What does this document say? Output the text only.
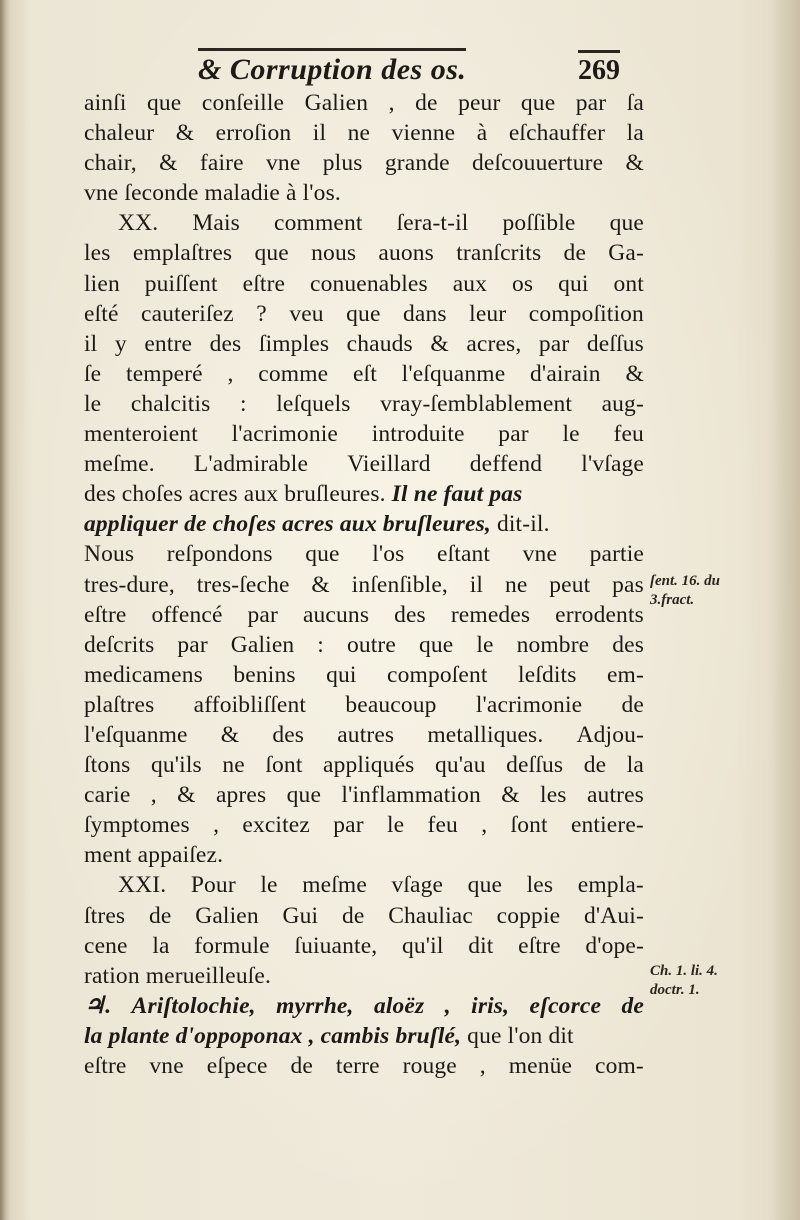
& Corruption des os.	269
ainſi que conſeille Galien , de peur que par ſa
chaleur & erroſion il ne vienne à eſchauffer la
chair, & faire vne plus grande deſcouuerture &
vne ſeconde maladie à l'os.
XX. Mais comment ſera-t-il poſſible que
les emplaſtres que nous auons tranſcrits de Ga-
lien puiſſent eſtre conuenables aux os qui ont
eſté cauteriſez ? veu que dans leur compoſition
il y entre des ſimples chauds & acres, par deſſus
ſe temperé , comme eſt l'eſquanme d'airain &
le chalcitis : leſquels vray-ſemblablement aug-
menteroient l'acrimonie introduite par le feu
meſme. L'admirable Vieillard deffend l'vſage
des choſes acres aux bruſleures. Il ne faut pas
appliquer de choſes acres aux bruſleures, dit-il.
Nous reſpondons que l'os eſtant vne partie
tres-dure, tres-ſeche & inſenſible, il ne peut pas
eſtre offencé par aucuns des remedes errodents
deſcrits par Galien : outre que le nombre des
medicamens benins qui compoſent leſdits em-
plaſtres affoibliſſent beaucoup l'acrimonie de
l'eſquanme & des autres metalliques. Adjou-
ſtons qu'ils ne ſont appliqués qu'au deſſus de la
carie , & apres que l'inflammation & les autres
ſymptomes , excitez par le feu , ſont entiere-
ment appaiſez.
XXI. Pour le meſme vſage que les empla-
ſtres de Galien Gui de Chauliac coppie d'Aui-
cene la formule ſuiuante, qu'il dit eſtre d'ope-
ration merueilleuſe.
♃. Ariſtolochie, myrrhe, aloëz , iris, eſcorce de
la plante d'oppoponax , cambis bruſlé, que l'on dit
eſtre vne eſpece de terre rouge , menüe com-
ſent. 16. du
3.fract.
Ch. 1. li. 4.
doctr. 1.
